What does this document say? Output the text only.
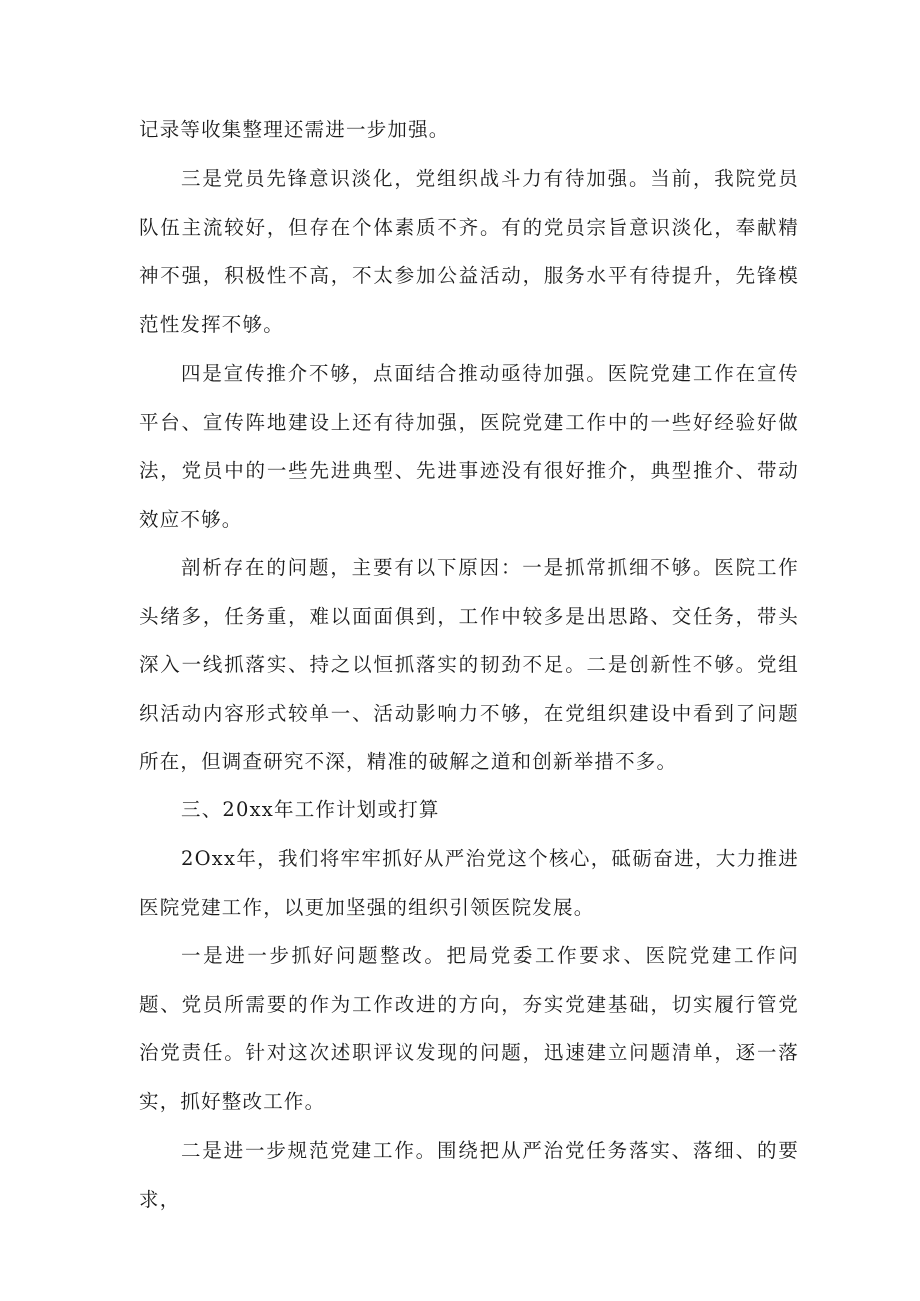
记录等收集整理还需进一步加强。

三是党员先锋意识淡化，党组织战斗力有待加强。当前，我院党员队伍主流较好，但存在个体素质不齐。有的党员宗旨意识淡化，奉献精神不强，积极性不高，不太参加公益活动，服务水平有待提升，先锋模范性发挥不够。

四是宣传推介不够，点面结合推动亟待加强。医院党建工作在宣传平台、宣传阵地建设上还有待加强，医院党建工作中的一些好经验好做法，党员中的一些先进典型、先进事迹没有很好推介，典型推介、带动效应不够。

剖析存在的问题，主要有以下原因：一是抓常抓细不够。医院工作头绪多，任务重，难以面面俱到，工作中较多是出思路、交任务，带头深入一线抓落实、持之以恒抓落实的韧劲不足。二是创新性不够。党组织活动内容形式较单一、活动影响力不够，在党组织建设中看到了问题所在，但调查研究不深，精准的破解之道和创新举措不多。

三、20xx年工作计划或打算

2Oxx年，我们将牢牢抓好从严治党这个核心，砥砺奋进，大力推进医院党建工作，以更加坚强的组织引领医院发展。

一是进一步抓好问题整改。把局党委工作要求、医院党建工作问题、党员所需要的作为工作改进的方向，夯实党建基础，切实履行管党治党责任。针对这次述职评议发现的问题，迅速建立问题清单，逐一落实，抓好整改工作。

二是进一步规范党建工作。围绕把从严治党任务落实、落细、的要求，
